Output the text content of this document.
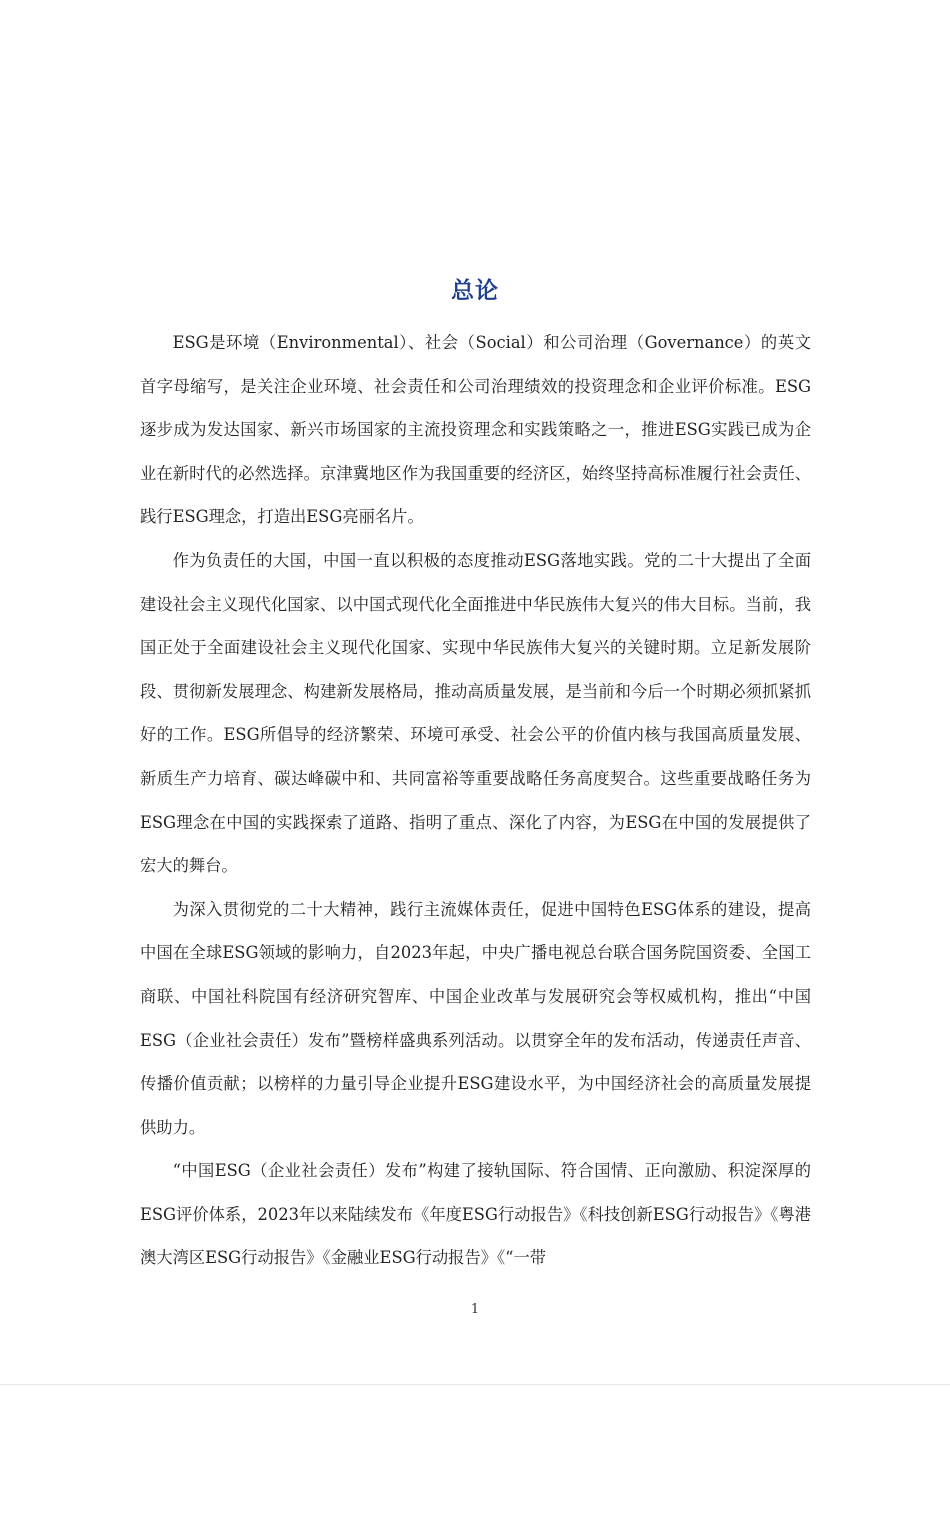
总论

ESG是环境（Environmental）、社会（Social）和公司治理（Governance）的英文首字母缩写，是关注企业环境、社会责任和公司治理绩效的投资理念和企业评价标准。ESG逐步成为发达国家、新兴市场国家的主流投资理念和实践策略之一，推进ESG实践已成为企业在新时代的必然选择。京津冀地区作为我国重要的经济区，始终坚持高标准履行社会责任、践行ESG理念，打造出ESG亮丽名片。

作为负责任的大国，中国一直以积极的态度推动ESG落地实践。党的二十大提出了全面建设社会主义现代化国家、以中国式现代化全面推进中华民族伟大复兴的伟大目标。当前，我国正处于全面建设社会主义现代化国家、实现中华民族伟大复兴的关键时期。立足新发展阶段、贯彻新发展理念、构建新发展格局，推动高质量发展，是当前和今后一个时期必须抓紧抓好的工作。ESG所倡导的经济繁荣、环境可承受、社会公平的价值内核与我国高质量发展、新质生产力培育、碳达峰碳中和、共同富裕等重要战略任务高度契合。这些重要战略任务为ESG理念在中国的实践探索了道路、指明了重点、深化了内容，为ESG在中国的发展提供了宏大的舞台。

为深入贯彻党的二十大精神，践行主流媒体责任，促进中国特色ESG体系的建设，提高中国在全球ESG领域的影响力，自2023年起，中央广播电视总台联合国务院国资委、全国工商联、中国社科院国有经济研究智库、中国企业改革与发展研究会等权威机构，推出“中国ESG（企业社会责任）发布”暨榜样盛典系列活动。以贯穿全年的发布活动，传递责任声音、传播价值贡献；以榜样的力量引导企业提升ESG建设水平，为中国经济社会的高质量发展提供助力。

“中国ESG（企业社会责任）发布”构建了接轨国际、符合国情、正向激励、积淀深厚的ESG评价体系，2023年以来陆续发布《年度ESG行动报告》《科技创新ESG行动报告》《粤港澳大湾区ESG行动报告》《金融业ESG行动报告》《“一带

1
